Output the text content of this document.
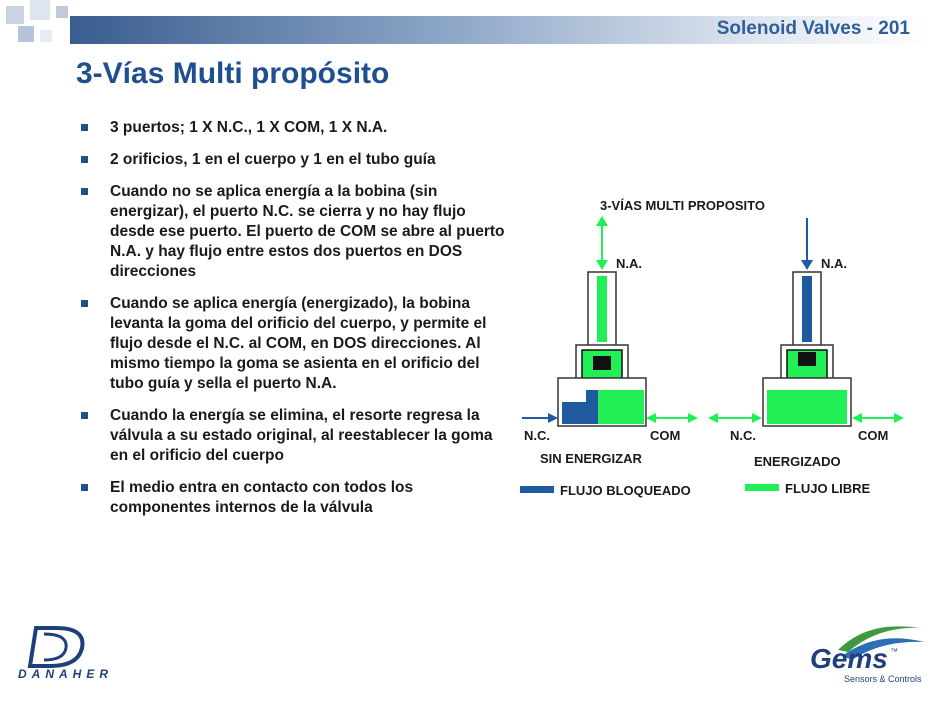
Solenoid Valves - 201
3-Vías Multi propósito
3 puertos; 1 X N.C., 1 X COM, 1 X N.A.
2 orificios, 1 en el cuerpo y 1 en el tubo guía
Cuando no se aplica energía a la bobina (sin energizar), el puerto N.C. se cierra y no hay flujo desde ese puerto. El puerto de COM se abre al puerto N.A. y hay flujo entre estos dos puertos en DOS direcciones
Cuando se aplica energía (energizado), la bobina levanta la goma del orificio del cuerpo, y permite el flujo desde el N.C. al COM, en DOS direcciones. Al mismo tiempo la goma se asienta en el orificio del tubo guía y sella el puerto N.A.
Cuando la energía se elimina, el resorte regresa la válvula a su estado original, al reestablecer la goma en el orificio del cuerpo
El medio entra en contacto con todos los componentes internos de la válvula
3-VÍAS MULTI PROPOSITO
N.A.
N.C.	COM
SIN ENERGIZAR
N.A.
N.C.	COM
ENERGIZADO
FLUJO BLOQUEADO	FLUJO LIBRE
DANAHER	Gems ™
Sensors & Controls
